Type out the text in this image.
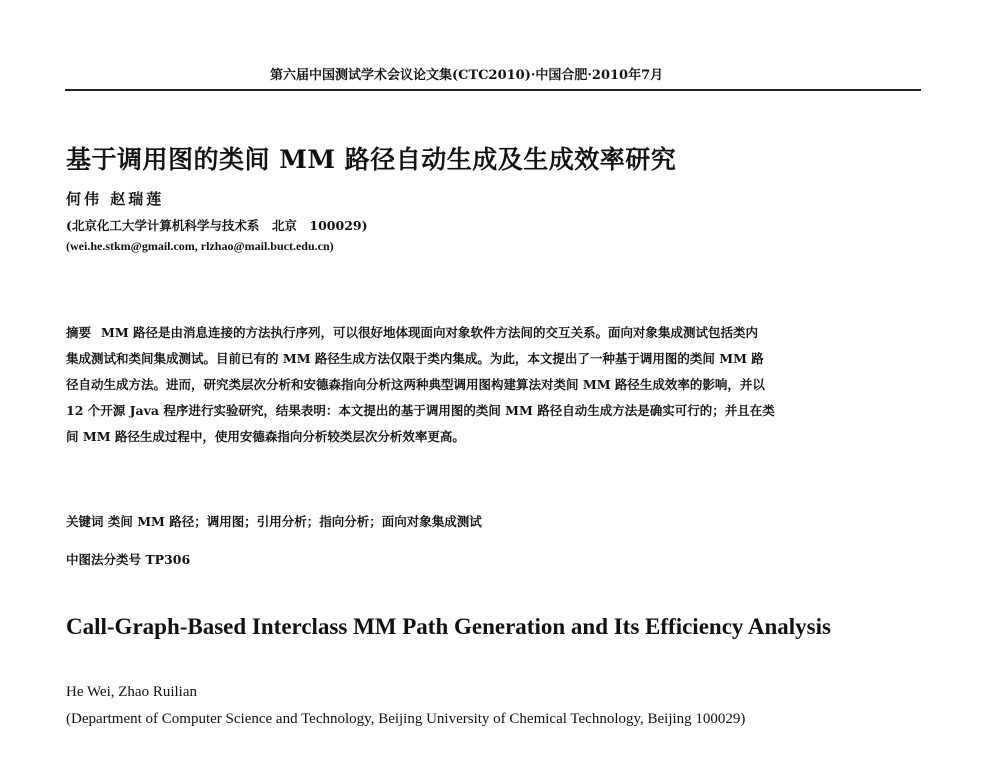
第六届中国测试学术会议论文集(CTC2010)·中国合肥·2010年7月
基于调用图的类间 MM 路径自动生成及生成效率研究
何伟 赵瑞莲
(北京化工大学计算机科学与技术系　北京　100029)
(wei.he.stkm@gmail.com, rlzhao@mail.buct.edu.cn)
摘要 MM 路径是由消息连接的方法执行序列，可以很好地体现面向对象软件方法间的交互关系。面向对象集成测试包括类内
集成测试和类间集成测试。目前已有的 MM 路径生成方法仅限于类内集成。为此，本文提出了一种基于调用图的类间 MM 路
径自动生成方法。进而，研究类层次分析和安德森指向分析这两种典型调用图构建算法对类间 MM 路径生成效率的影响，并以
12 个开源 Java 程序进行实验研究，结果表明：本文提出的基于调用图的类间 MM 路径自动生成方法是确实可行的；并且在类
间 MM 路径生成过程中，使用安德森指向分析较类层次分析效率更高。
关键词 类间 MM 路径；调用图；引用分析；指向分析；面向对象集成测试
中图法分类号 TP306
Call-Graph-Based Interclass MM Path Generation and Its Efficiency Analysis
He Wei, Zhao Ruilian
(Department of Computer Science and Technology, Beijing University of Chemical Technology, Beijing 100029)
